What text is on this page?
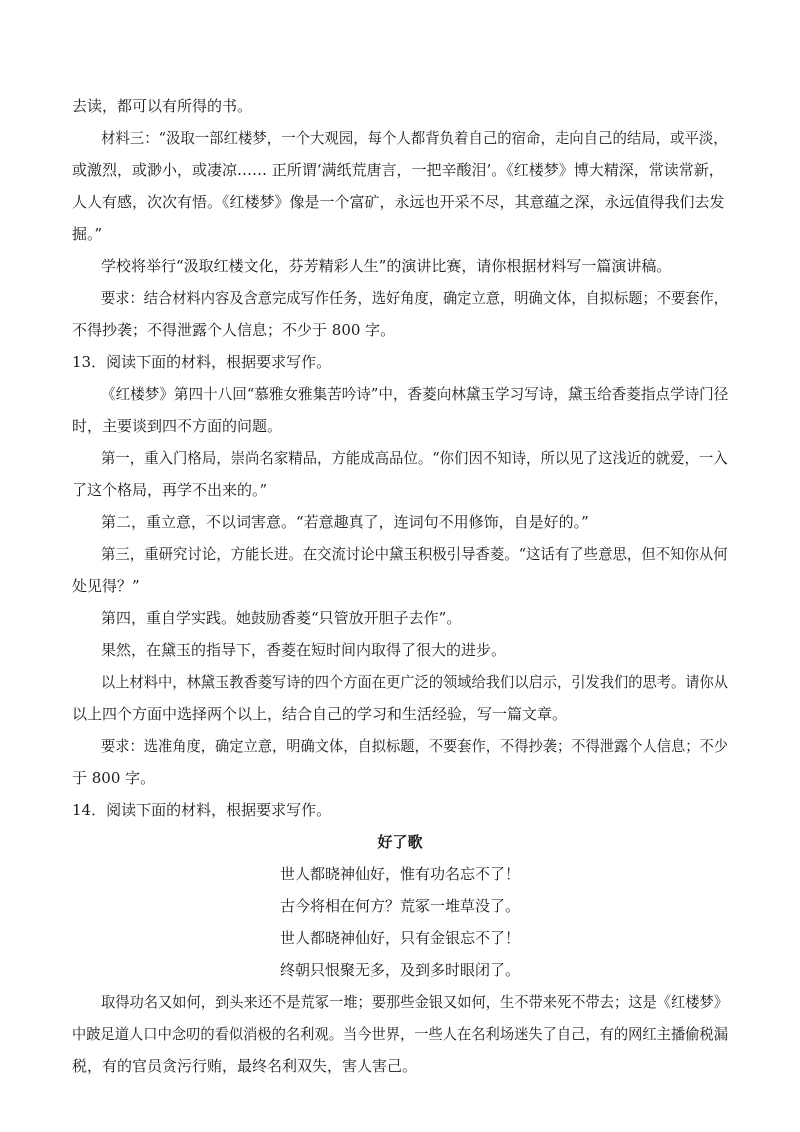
去读，都可以有所得的书。
材料三：“汲取一部红楼梦，一个大观园，每个人都背负着自己的宿命，走向自己的结局，或平淡，
或激烈，或渺小，或凄凉…… 正所谓‘满纸荒唐言，一把辛酸泪’。《红楼梦》博大精深，常读常新，
人人有感，次次有悟。《红楼梦》像是一个富矿，永远也开采不尽，其意蕴之深，永远值得我们去发
掘。”
学校将举行“汲取红楼文化，芬芳精彩人生”的演讲比赛，请你根据材料写一篇演讲稿。
要求：结合材料内容及含意完成写作任务，选好角度，确定立意，明确文体，自拟标题；不要套作，
不得抄袭；不得泄露个人信息；不少于 800 字。
13．阅读下面的材料，根据要求写作。
《红楼梦》第四十八回“慕雅女雅集苦吟诗”中，香菱向林黛玉学习写诗，黛玉给香菱指点学诗门径
时，主要谈到四不方面的问题。
第一，重入门格局，崇尚名家精品，方能成高品位。“你们因不知诗，所以见了这浅近的就爱，一入
了这个格局，再学不出来的。”
第二，重立意，不以词害意。“若意趣真了，连词句不用修饰，自是好的。”
第三，重研究讨论，方能长进。在交流讨论中黛玉积极引导香菱。“这话有了些意思，但不知你从何
处见得？”
第四，重自学实践。她鼓励香菱“只管放开胆子去作”。
果然，在黛玉的指导下，香菱在短时间内取得了很大的进步。
以上材料中，林黛玉教香菱写诗的四个方面在更广泛的领域给我们以启示，引发我们的思考。请你从
以上四个方面中选择两个以上，结合自己的学习和生活经验，写一篇文章。
要求：选准角度，确定立意，明确文体，自拟标题，不要套作，不得抄袭；不得泄露个人信息；不少
于 800 字。
14．阅读下面的材料，根据要求写作。
好了歌
世人都晓神仙好，惟有功名忘不了！
古今将相在何方？荒冢一堆草没了。
世人都晓神仙好，只有金银忘不了！
终朝只恨聚无多，及到多时眼闭了。
取得功名又如何，到头来还不是荒冢一堆；要那些金银又如何，生不带来死不带去；这是《红楼梦》
中跛足道人口中念叨的看似消极的名利观。当今世界，一些人在名利场迷失了自己，有的网红主播偷税漏
税，有的官员贪污行贿，最终名利双失，害人害己。
